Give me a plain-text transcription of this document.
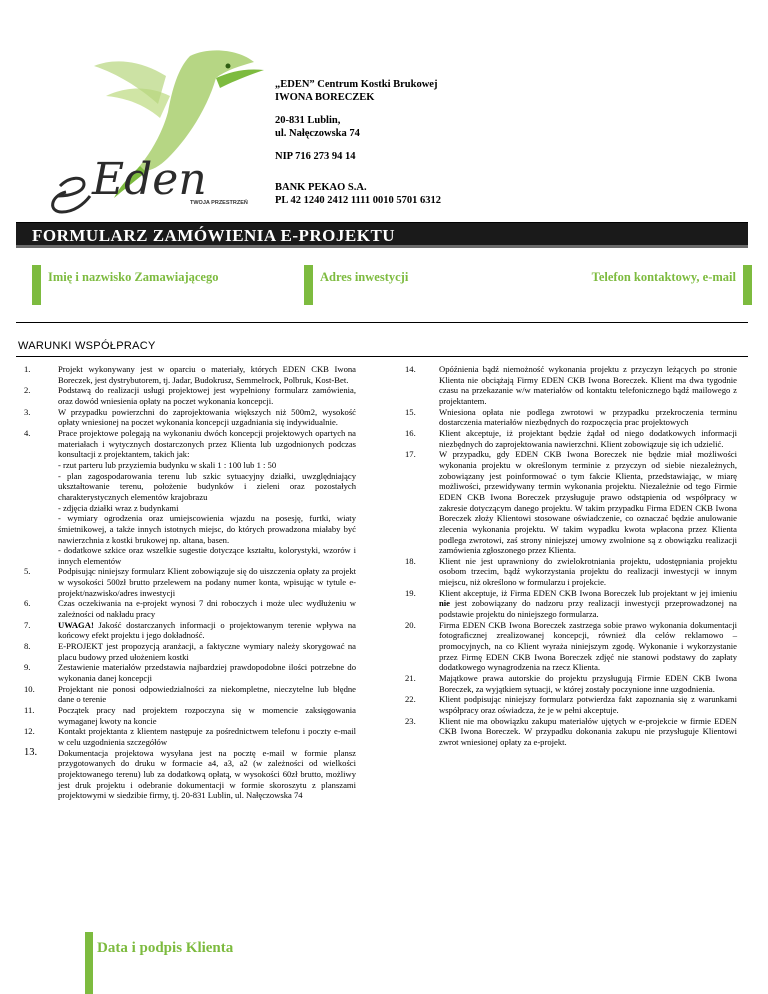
Eden
TWOJA PRZESTRZEŃ

„EDEN” Centrum Kostki Brukowej
IWONA BORECZEK

20-831 Lublin,
ul. Nałęczowska 74

NIP 716 273 94 14

BANK PEKAO S.A.
PL 42 1240 2412 1111 0010 5701 6312

FORMULARZ ZAMÓWIENIA E-PROJEKTU
Imię i nazwisko Zamawiającego	Adres inwestycji	Telefon kontaktowy, e-mail
WARUNKI WSPÓŁPRACY

1.	Projekt wykonywany jest w oparciu o materiały, których EDEN CKB Iwona Boreczek, jest dystrybutorem, tj. Jadar, Budokrusz, Semmelrock, Polbruk, Kost-Bet.

2.	Podstawą do realizacji usługi projektowej jest wypełniony formularz zamówienia, oraz dowód wniesienia opłaty na poczet wykonania koncepcji.

3.	W przypadku powierzchni do zaprojektowania większych niż 500m2, wysokość opłaty wniesionej na poczet wykonania koncepcji uzgadniania się indywidualnie.

4.	Prace projektowe polegają na wykonaniu dwóch koncepcji projektowych opartych na materiałach i wytycznych dostarczonych przez Klienta lub uzgodnionych podczas konsultacji z projektantem, takich jak:
- rzut parteru lub przyziemia budynku w skali 1 : 100 lub 1 : 50
- plan zagospodarowania terenu lub szkic sytuacyjny działki, uwzględniający ukształtowanie terenu, położenie budynków i zieleni oraz pozostałych charakterystycznych elementów krajobrazu
- zdjęcia działki wraz z budynkami
- wymiary ogrodzenia oraz umiejscowienia wjazdu na posesję, furtki, wiaty śmietnikowej, a także innych istotnych miejsc, do których prowadzona miałaby być nawierzchnia z kostki brukowej np. altana, basen.
- dodatkowe szkice oraz wszelkie sugestie dotyczące kształtu, kolorystyki, wzorów i innych elementów

5.	Podpisując niniejszy formularz Klient zobowiązuje się do uiszczenia opłaty za projekt w wysokości 500zł brutto przelewem na podany numer konta, wpisując w tytule e-projekt/nazwisko/adres inwestycji

6.	Czas oczekiwania na e-projekt wynosi 7 dni roboczych i może ulec wydłużeniu w zależności od nakładu pracy

7.	UWAGA! Jakość dostarczanych informacji o projektowanym terenie wpływa na końcowy efekt projektu i jego dokładność.

8.	E-PROJEKT jest propozycją aranżacji, a faktyczne wymiary należy skorygować na placu budowy przed ułożeniem kostki

9.	Zestawienie materiałów przedstawia najbardziej prawdopodobne ilości potrzebne do wykonania danej koncepcji

10.	Projektant nie ponosi odpowiedzialności za niekompletne, nieczytelne lub błędne dane o terenie

11.	Początek pracy nad projektem rozpoczyna się w momencie zaksięgowania wymaganej kwoty na koncie

12.	Kontakt projektanta z klientem następuje za pośrednictwem telefonu i poczty e-mail w celu uzgodnienia szczegółów

13. Dokumentacja projektowa wysyłana jest na pocztę e-mail w formie plansz przygotowanych do druku w formacie a4, a3, a2 (w zależności od wielkości projektowanego terenu) lub za dodatkową opłatą, w wysokości 60zł brutto, możliwy jest druk projektu i odebranie dokumentacji w formie skoroszytu z planszami projektowymi w siedzibie firmy, tj. 20-831 Lublin, ul. Nałęczowska 74

14.	Opóźnienia bądź niemożność wykonania projektu z przyczyn leżących po stronie Klienta nie obciążają Firmy EDEN CKB Iwona Boreczek. Klient ma dwa tygodnie czasu na przekazanie w/w materiałów od kontaktu telefonicznego bądź mailowego z projektantem.

15.	Wniesiona opłata nie podlega zwrotowi w przypadku przekroczenia terminu dostarczenia materiałów niezbędnych do rozpoczęcia prac projektowych

16.	Klient akceptuje, iż projektant będzie żądał od niego dodatkowych informacji niezbędnych do zaprojektowania nawierzchni. Klient zobowiązuje się ich udzielić.

17.	W przypadku, gdy EDEN CKB Iwona Boreczek nie będzie miał możliwości wykonania projektu w określonym terminie z przyczyn od siebie niezależnych, zobowiązany jest poinformować o tym fakcie Klienta, przedstawiając, w miarę możliwości, przewidywany termin wykonania projektu. Niezależnie od tego Firmie EDEN CKB Iwona Boreczek przysługuje prawo odstąpienia od współpracy w zakresie dotyczącym danego projektu. W takim przypadku Firma EDEN CKB Iwona Boreczek złoży Klientowi stosowane oświadczenie, co oznaczać będzie anulowanie zlecenia wykonania projektu. W takim wypadku kwota wpłacona przez Klienta podlega zwrotowi, zaś strony niniejszej umowy zwolnione są z obowiązku realizacji zamówienia zgłoszonego przez Klienta.

18.	Klient nie jest uprawniony do zwielokrotniania projektu, udostępniania projektu osobom trzecim, bądź wykorzystania projektu do realizacji inwestycji w innym miejscu, niż określono w formularzu i projekcie.

19.	Klient akceptuje, iż Firma EDEN CKB Iwona Boreczek lub projektant w jej imieniu nie jest zobowiązany do nadzoru przy realizacji inwestycji przeprowadzonej na podstawie projektu do niniejszego formularza.

20.	Firma EDEN CKB Iwona Boreczek zastrzega sobie prawo wykonania dokumentacji fotograficznej zrealizowanej koncepcji, również dla celów reklamowo – promocyjnych, na co Klient wyraża niniejszym zgodę. Wykonanie i wykorzystanie przez Firmę EDEN CKB Iwona Boreczek zdjęć nie stanowi podstawy do zapłaty dodatkowego wynagrodzenia na rzecz Klienta.

21.	Majątkowe prawa autorskie do projektu przysługują Firmie EDEN CKB Iwona Boreczek, za wyjątkiem sytuacji, w której zostały poczynione inne uzgodnienia.

22.	Klient podpisując niniejszy formularz potwierdza fakt zapoznania się z warunkami współpracy oraz oświadcza, że je w pełni akceptuje.

23.	Klient nie ma obowiązku zakupu materiałów ujętych w e-projekcie w firmie EDEN CKB Iwona Boreczek. W przypadku dokonania zakupu nie przysługuje Klientowi zwrot wniesionej opłaty za e-projekt.

Data i podpis Klienta
